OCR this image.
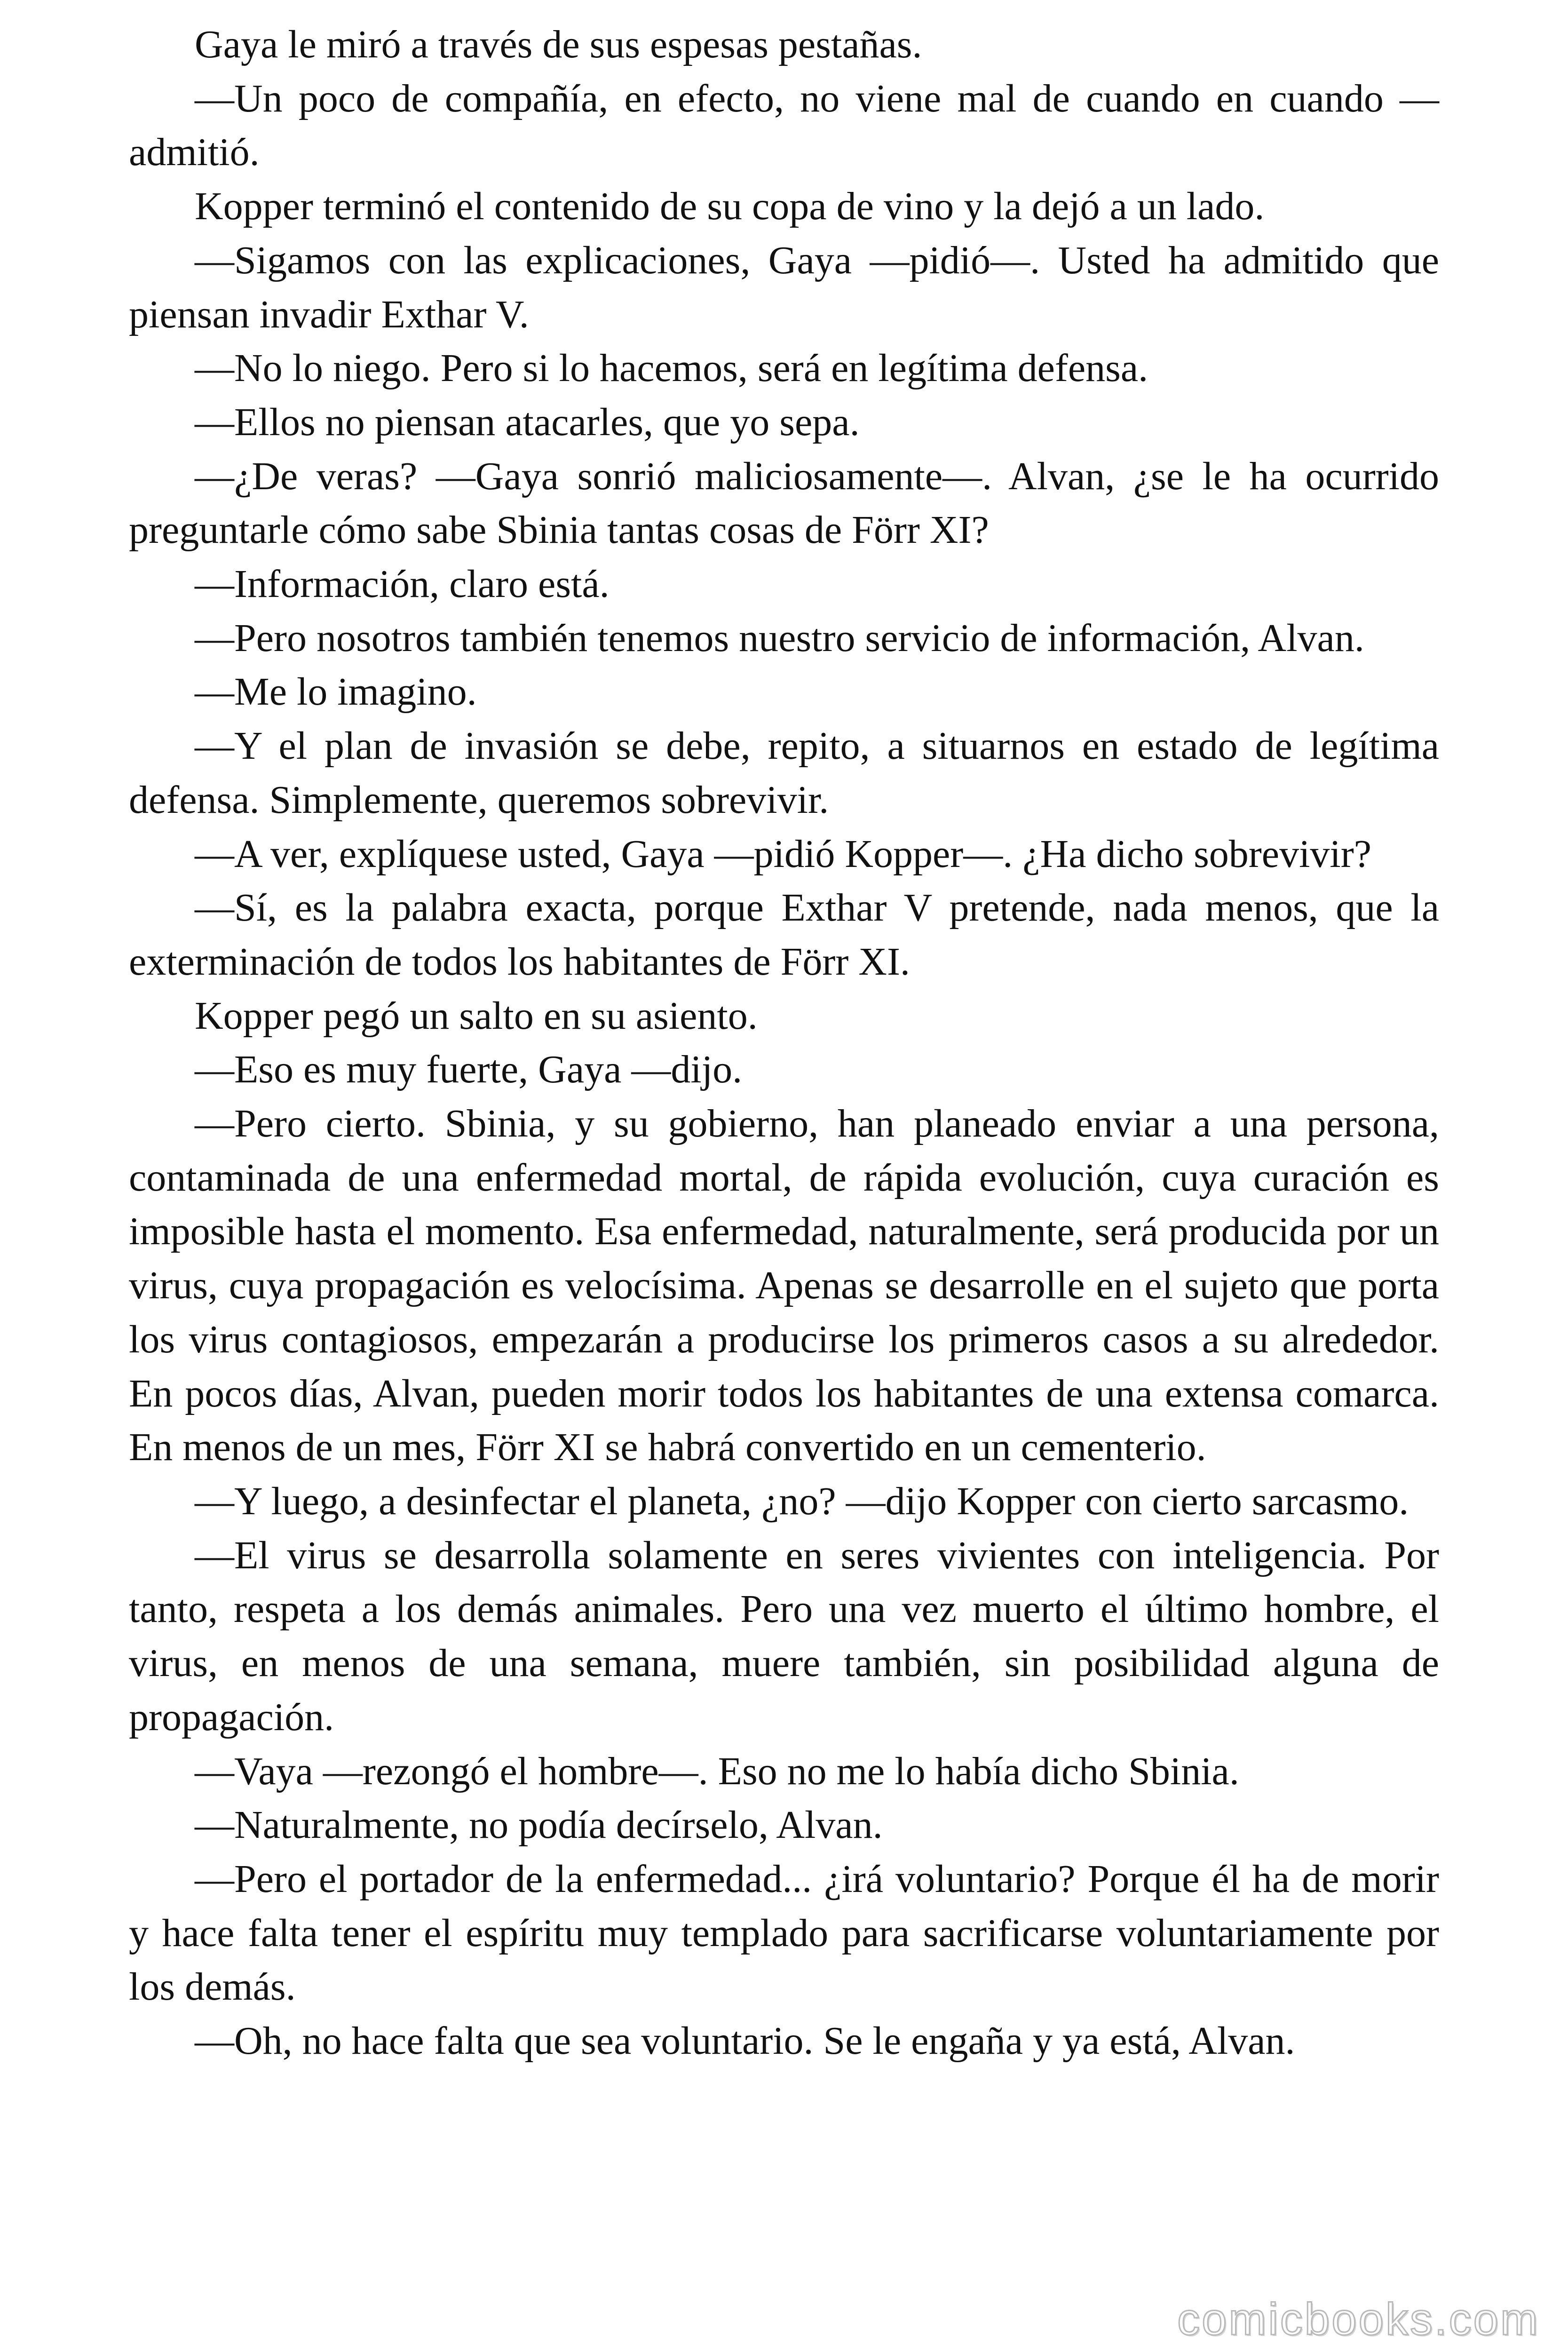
Gaya le miró a través de sus espesas pestañas.

—Un poco de compañía, en efecto, no viene mal de cuando en cuando —admitió.

Kopper terminó el contenido de su copa de vino y la dejó a un lado.

—Sigamos con las explicaciones, Gaya —pidió—. Usted ha admitido que piensan invadir Exthar V.

—No lo niego. Pero si lo hacemos, será en legítima defensa.

—Ellos no piensan atacarles, que yo sepa.

—¿De veras? —Gaya sonrió maliciosamente—. Alvan, ¿se le ha ocurrido preguntarle cómo sabe Sbinia tantas cosas de Förr XI?

—Información, claro está.

—Pero nosotros también tenemos nuestro servicio de información, Alvan.

—Me lo imagino.

—Y el plan de invasión se debe, repito, a situarnos en estado de legítima defensa. Simplemente, queremos sobrevivir.

—A ver, explíquese usted, Gaya —pidió Kopper—. ¿Ha dicho sobrevivir?

—Sí, es la palabra exacta, porque Exthar V pretende, nada menos, que la exterminación de todos los habitantes de Förr XI.

Kopper pegó un salto en su asiento.

—Eso es muy fuerte, Gaya —dijo.

—Pero cierto. Sbinia, y su gobierno, han planeado enviar a una persona, contaminada de una enfermedad mortal, de rápida evolución, cuya curación es imposible hasta el momento. Esa enfermedad, naturalmente, será producida por un virus, cuya propagación es velocísima. Apenas se desarrolle en el sujeto que porta los virus contagiosos, empezarán a producirse los primeros casos a su alrededor. En pocos días, Alvan, pueden morir todos los habitantes de una extensa comarca. En menos de un mes, Förr XI se habrá convertido en un cementerio.

—Y luego, a desinfectar el planeta, ¿no? —dijo Kopper con cierto sarcasmo.

—El virus se desarrolla solamente en seres vivientes con inteligencia. Por tanto, respeta a los demás animales. Pero una vez muerto el último hombre, el virus, en menos de una semana, muere también, sin posibilidad alguna de propagación.

—Vaya —rezongó el hombre—. Eso no me lo había dicho Sbinia.

—Naturalmente, no podía decírselo, Alvan.

—Pero el portador de la enfermedad... ¿irá voluntario? Porque él ha de morir y hace falta tener el espíritu muy templado para sacrificarse voluntariamente por los demás.

—Oh, no hace falta que sea voluntario. Se le engaña y ya está, Alvan.

comicbooks.com
